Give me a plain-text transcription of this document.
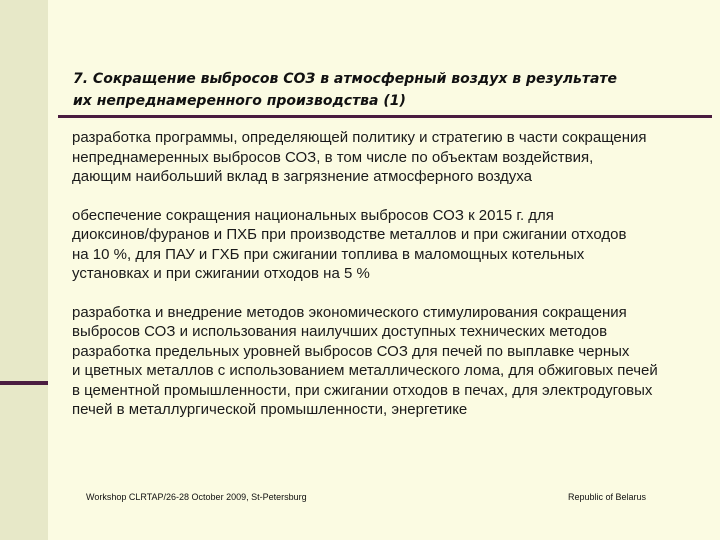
7. Сокращение выбросов СОЗ в атмосферный воздух в результате
их непреднамеренного производства (1)

разработка программы, определяющей политику и стратегию в части сокращения
непреднамеренных выбросов СОЗ, в том числе по объектам воздействия,
дающим наибольший вклад в загрязнение атмосферного воздуха

обеспечение сокращения национальных выбросов СОЗ к 2015 г. для
диоксинов/фуранов и ПХБ при производстве металлов и при сжигании отходов
на 10 %, для ПАУ и ГХБ при сжигании топлива в маломощных котельных
установках и при сжигании отходов на 5 %

разработка и внедрение методов экономического стимулирования сокращения
выбросов СОЗ и использования наилучших доступных технических методов
разработка предельных уровней выбросов СОЗ для печей по выплавке черных
и цветных металлов с использованием металлического лома, для обжиговых печей
в цементной промышленности, при сжигании отходов в печах, для электродуговых
печей в металлургической промышленности, энергетике

Workshop CLRTAP/26-28 October 2009, St-Petersburg	Republic of Belarus
